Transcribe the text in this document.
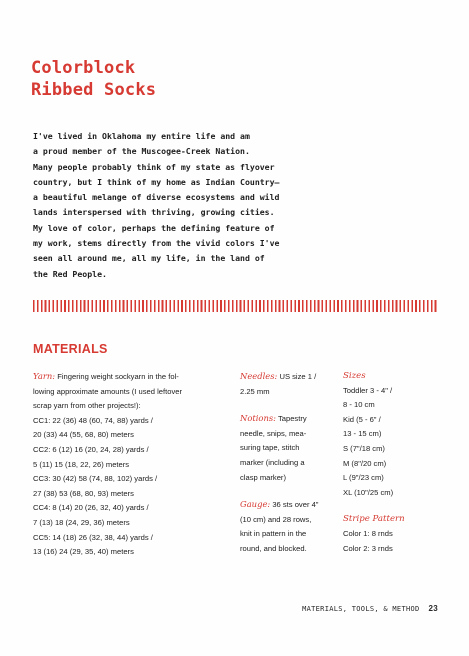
Colorblock
Ribbed Socks
I've lived in Oklahoma my entire life and am
a proud member of the Muscogee-Creek Nation.
Many people probably think of my state as flyover
country, but I think of my home as Indian Country—
a beautiful melange of diverse ecosystems and wild
lands interspersed with thriving, growing cities.
My love of color, perhaps the defining feature of
my work, stems directly from the vivid colors I've
seen all around me, all my life, in the land of
the Red People.
MATERIALS
Yarn: Fingering weight sockyarn in the fol-
lowing approximate amounts (I used leftover
scrap yarn from other projects!):
CC1: 22 (36) 48 (60, 74, 88) yards /
20 (33) 44 (55, 68, 80) meters
CC2: 6 (12) 16 (20, 24, 28) yards /
5 (11) 15 (18, 22, 26) meters
CC3: 30 (42) 58 (74, 88, 102) yards /
27 (38) 53 (68, 80, 93) meters
CC4: 8 (14) 20 (26, 32, 40) yards /
7 (13) 18 (24, 29, 36) meters
CC5: 14 (18) 26 (32, 38, 44) yards /
13 (16) 24 (29, 35, 40) meters
Needles: US size 1 /
2.25 mm
Notions: Tapestry
needle, snips, mea-
suring tape, stitch
marker (including a
clasp marker)
Gauge: 36 sts over 4"
(10 cm) and 28 rows,
knit in pattern in the
round, and blocked.
Sizes
Toddler 3 - 4" /
8 - 10 cm
Kid (5 - 6" /
13 - 15 cm)
S (7"/18 cm)
M (8"/20 cm)
L (9"/23 cm)
XL (10"/25 cm)
Stripe Pattern
Color 1: 8 rnds
Color 2: 3 rnds
MATERIALS, TOOLS, & METHOD 23
